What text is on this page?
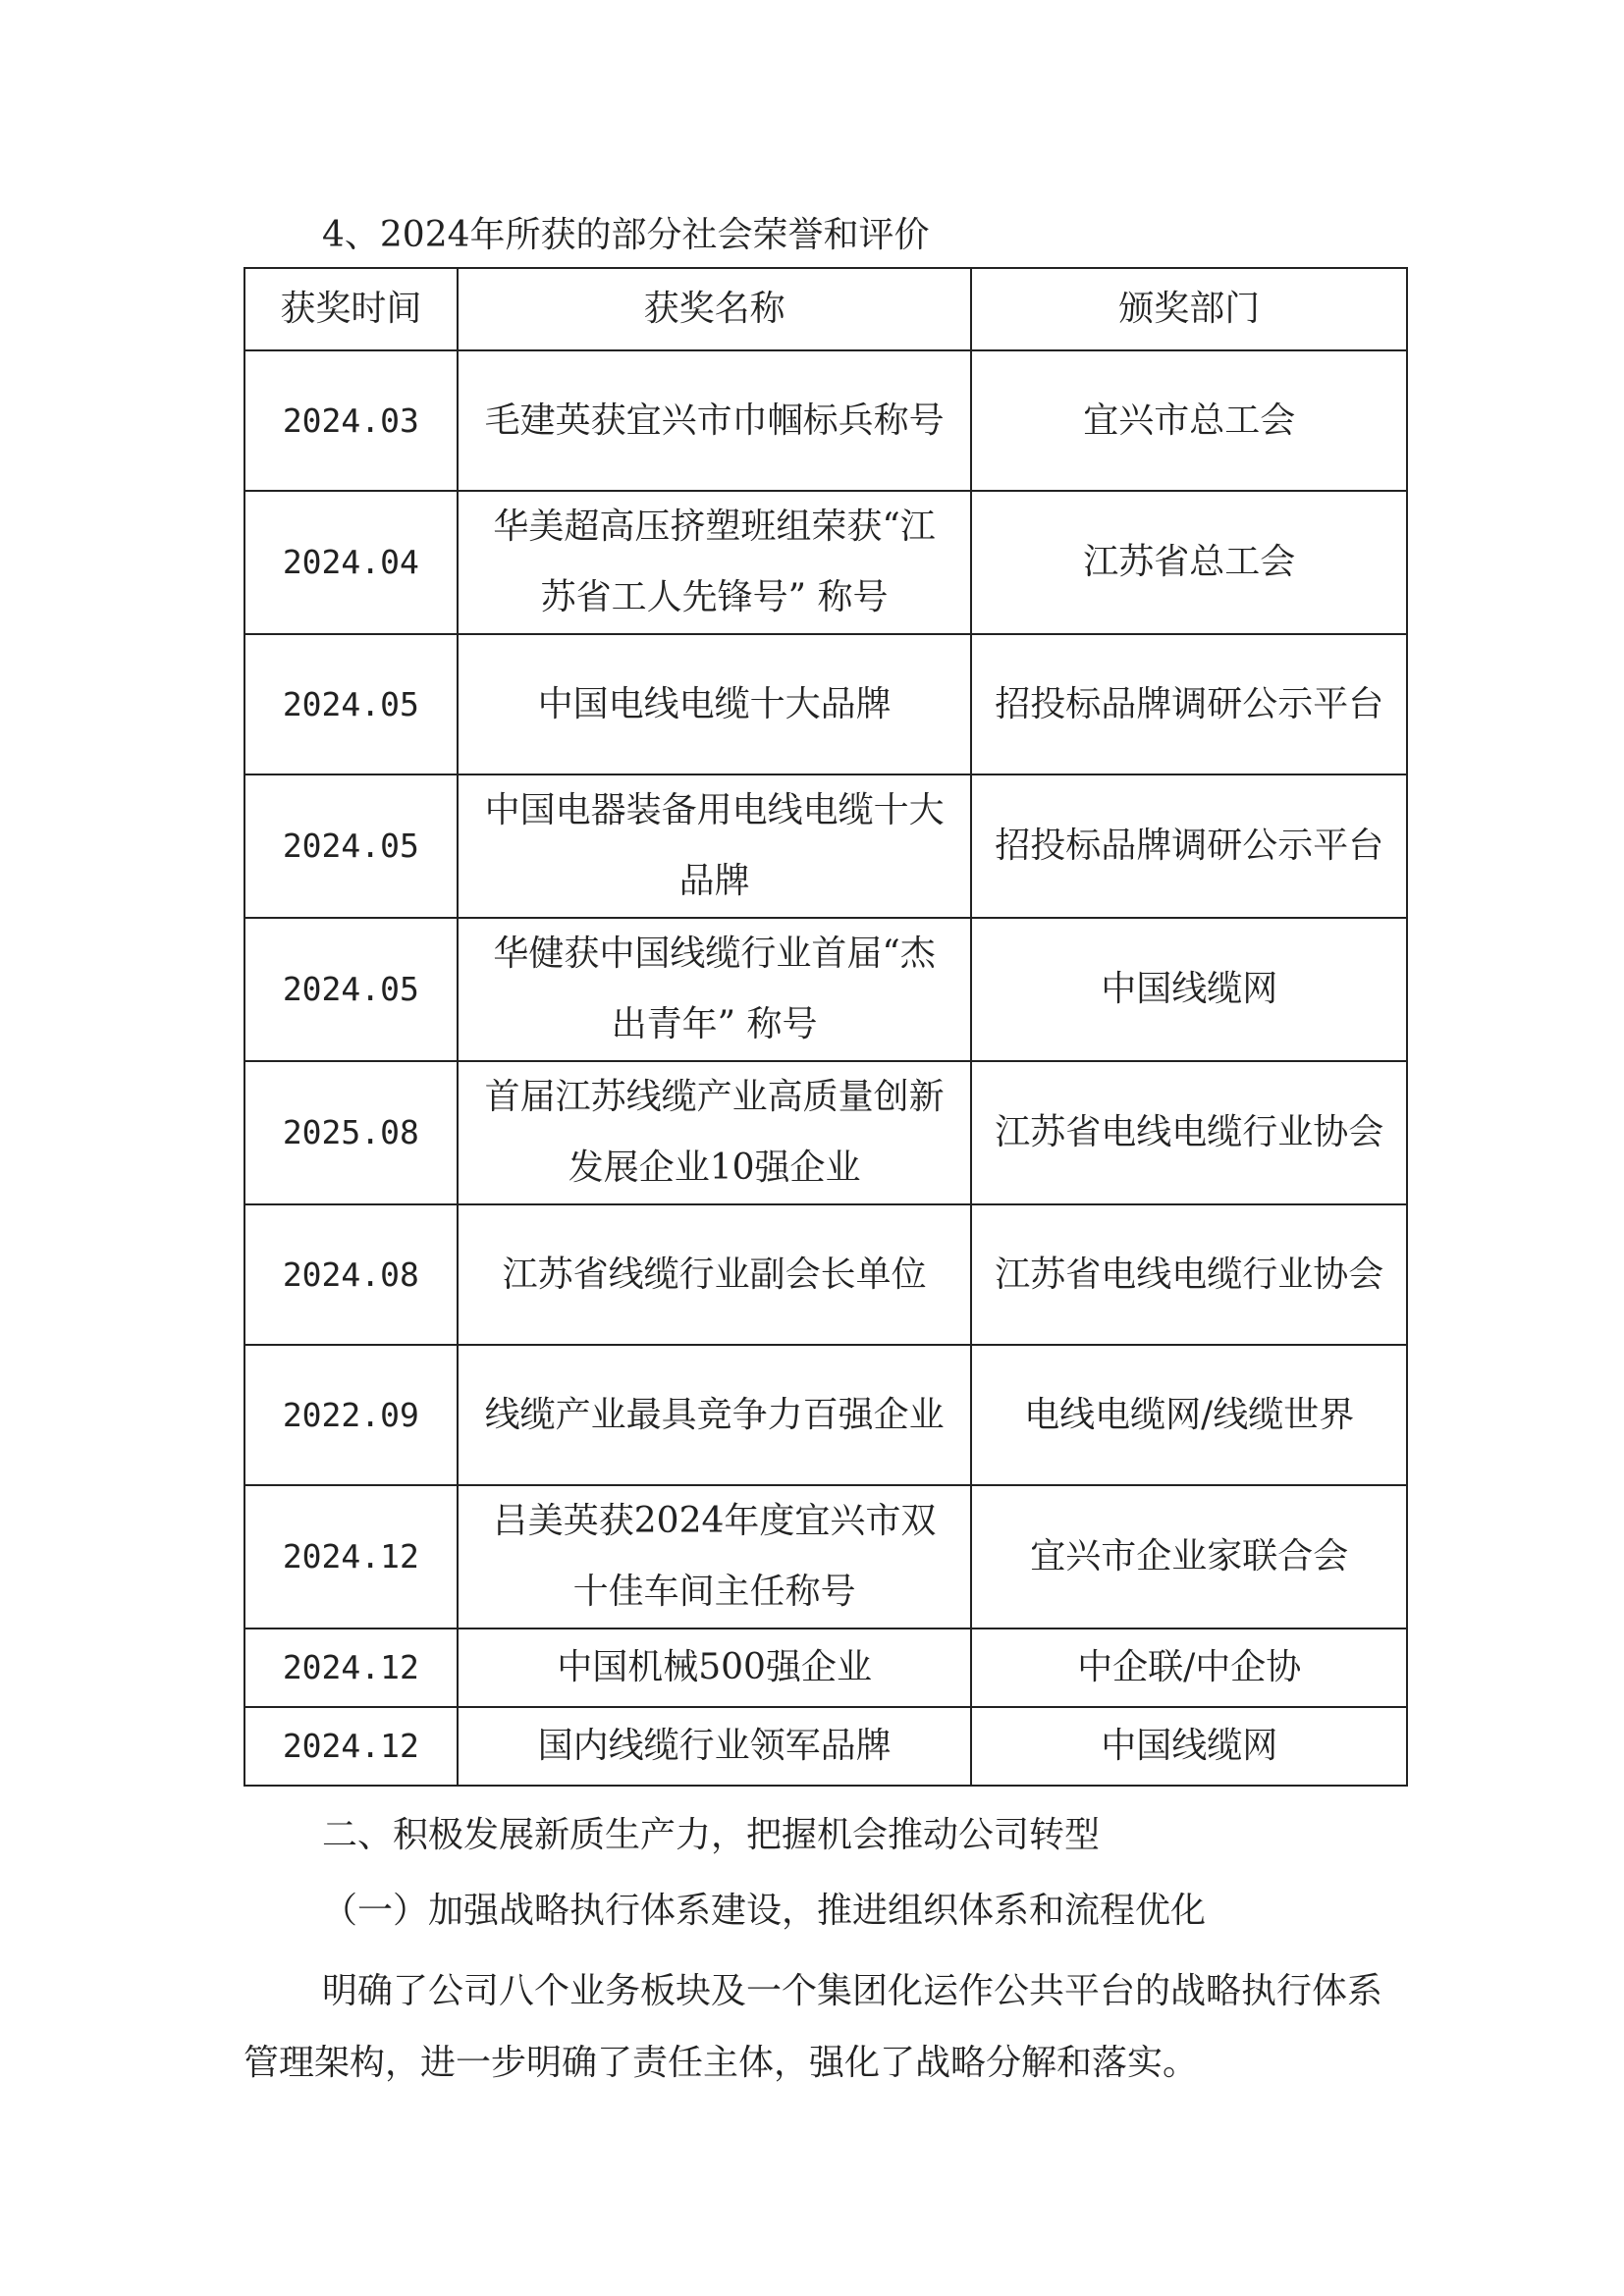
4、2024年所获的部分社会荣誉和评价
获奖时间	获奖名称	颁奖部门
2024.03	毛建英获宜兴市巾帼标兵称号	宜兴市总工会
2024.04	华美超高压挤塑班组荣获“江苏省工人先锋号” 称号	江苏省总工会
2024.05	中国电线电缆十大品牌	招投标品牌调研公示平台
2024.05	中国电器装备用电线电缆十大品牌	招投标品牌调研公示平台
2024.05	华健获中国线缆行业首届“杰出青年” 称号	中国线缆网
2025.08	首届江苏线缆产业高质量创新发展企业10强企业	江苏省电线电缆行业协会
2024.08	江苏省线缆行业副会长单位	江苏省电线电缆行业协会
2022.09	线缆产业最具竞争力百强企业	电线电缆网/线缆世界
2024.12	吕美英获2024年度宜兴市双十佳车间主任称号	宜兴市企业家联合会
2024.12	中国机械500强企业	中企联/中企协
2024.12	国内线缆行业领军品牌	中国线缆网
二、积极发展新质生产力，把握机会推动公司转型
（一）加强战略执行体系建设，推进组织体系和流程优化
明确了公司八个业务板块及一个集团化运作公共平台的战略执行体系管理架构，进一步明确了责任主体，强化了战略分解和落实。
